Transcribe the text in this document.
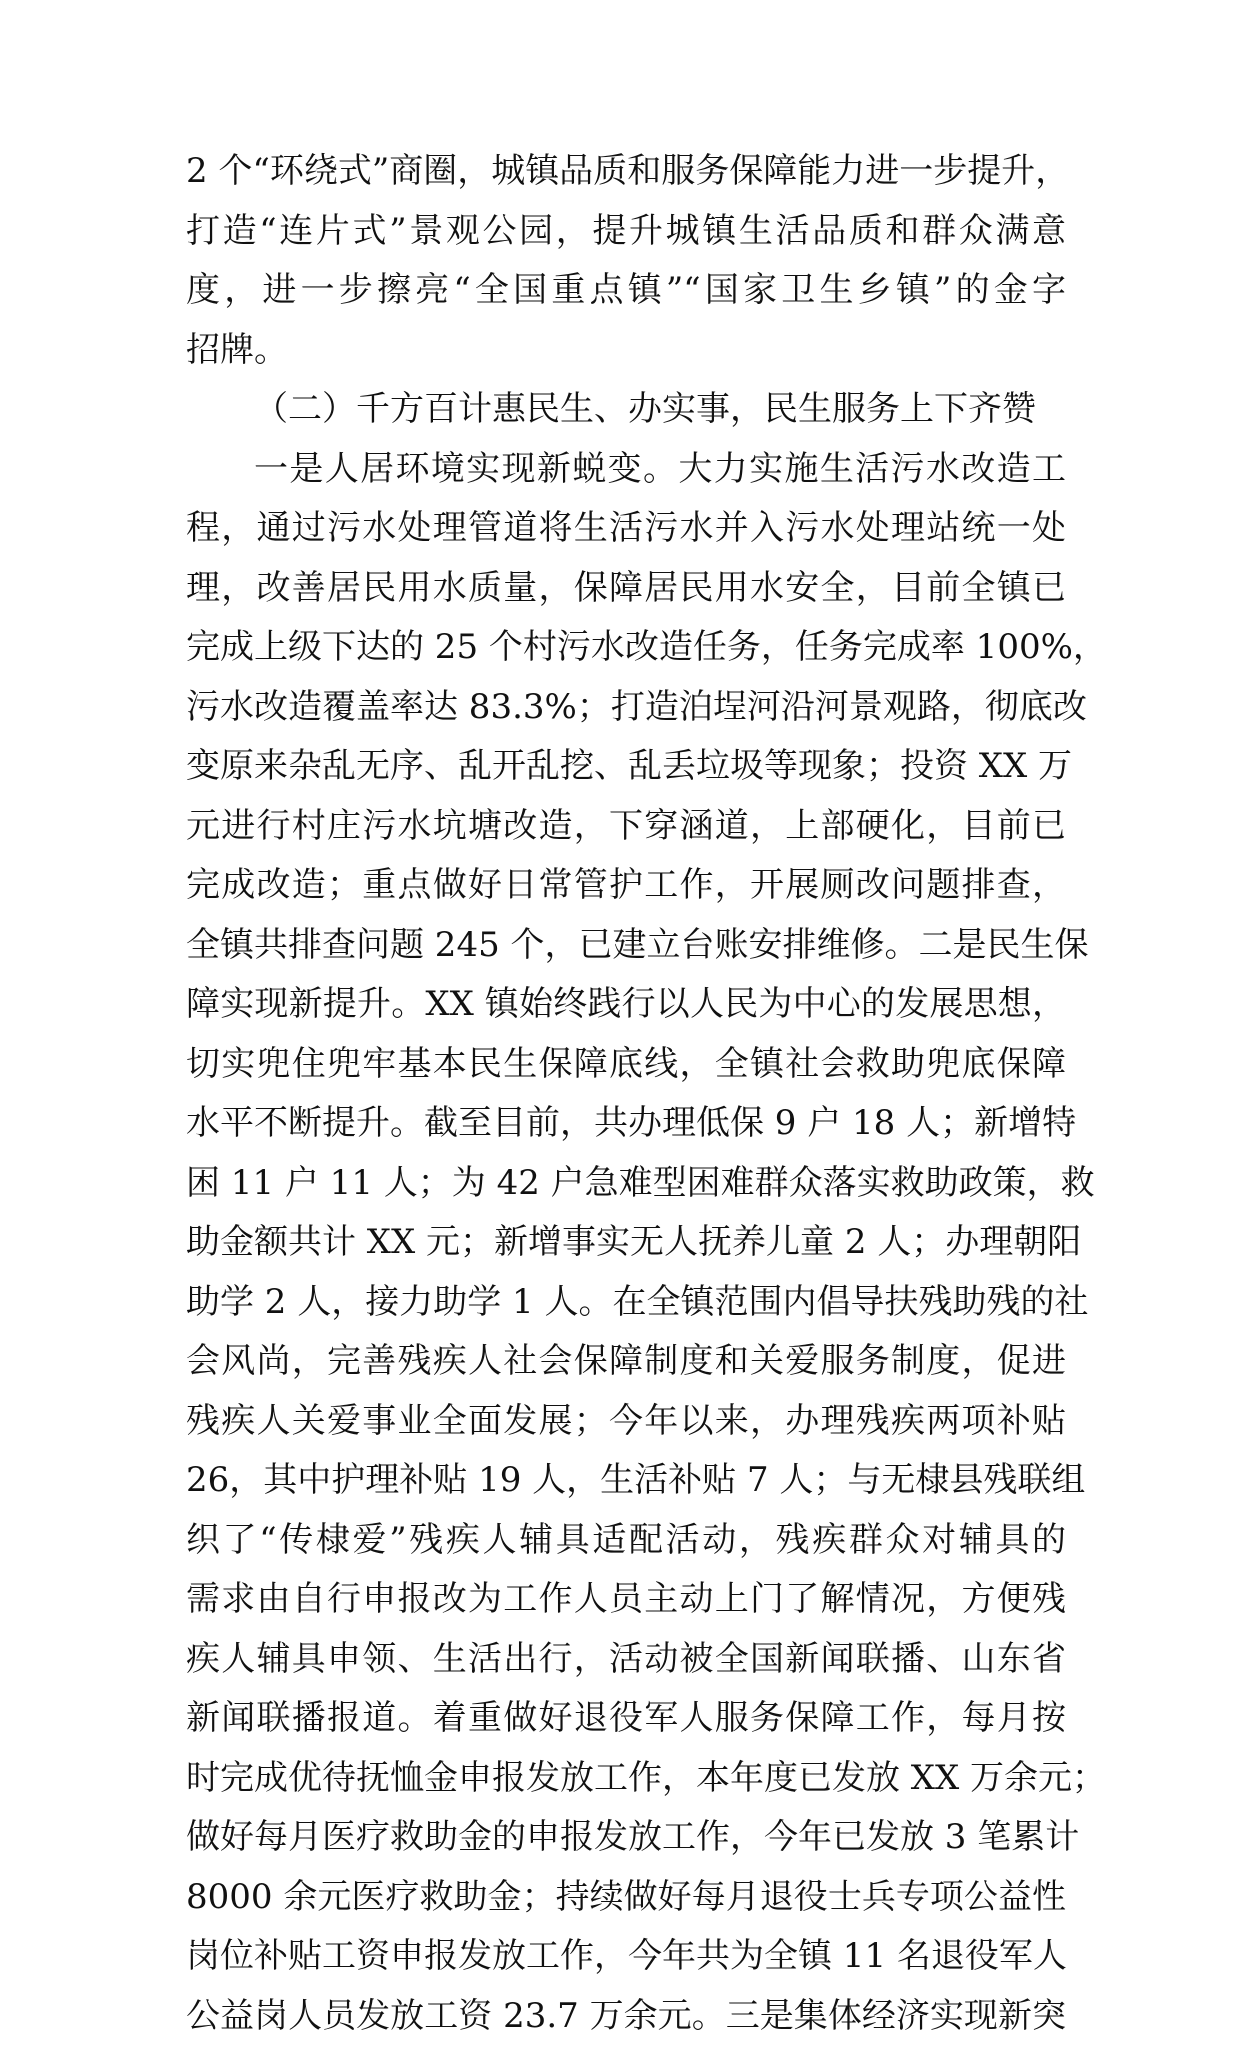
2 个“环绕式”商圈，城镇品质和服务保障能力进一步提升，
打造“连片式”景观公园，提升城镇生活品质和群众满意
度，进一步擦亮“全国重点镇”“国家卫生乡镇”的金字
招牌。
（二）千方百计惠民生、办实事，民生服务上下齐赞
一是人居环境实现新蜕变。大力实施生活污水改造工
程，通过污水处理管道将生活污水并入污水处理站统一处
理，改善居民用水质量，保障居民用水安全，目前全镇已
完成上级下达的 25 个村污水改造任务，任务完成率 100%，
污水改造覆盖率达 83.3%；打造泊埕河沿河景观路，彻底改
变原来杂乱无序、乱开乱挖、乱丢垃圾等现象；投资 XX 万
元进行村庄污水坑塘改造，下穿涵道，上部硬化，目前已
完成改造；重点做好日常管护工作，开展厕改问题排查，
全镇共排查问题 245 个，已建立台账安排维修。二是民生保
障实现新提升。XX 镇始终践行以人民为中心的发展思想，
切实兜住兜牢基本民生保障底线，全镇社会救助兜底保障
水平不断提升。截至目前，共办理低保 9 户 18 人；新增特
困 11 户 11 人；为 42 户急难型困难群众落实救助政策，救
助金额共计 XX 元；新增事实无人抚养儿童 2 人；办理朝阳
助学 2 人，接力助学 1 人。在全镇范围内倡导扶残助残的社
会风尚，完善残疾人社会保障制度和关爱服务制度，促进
残疾人关爱事业全面发展；今年以来，办理残疾两项补贴
26，其中护理补贴 19 人，生活补贴 7 人；与无棣县残联组
织了“传棣爱”残疾人辅具适配活动，残疾群众对辅具的
需求由自行申报改为工作人员主动上门了解情况，方便残
疾人辅具申领、生活出行，活动被全国新闻联播、山东省
新闻联播报道。着重做好退役军人服务保障工作，每月按
时完成优待抚恤金申报发放工作，本年度已发放 XX 万余元；
做好每月医疗救助金的申报发放工作，今年已发放 3 笔累计
8000 余元医疗救助金；持续做好每月退役士兵专项公益性
岗位补贴工资申报发放工作，今年共为全镇 11 名退役军人
公益岗人员发放工资 23.7 万余元。三是集体经济实现新突
